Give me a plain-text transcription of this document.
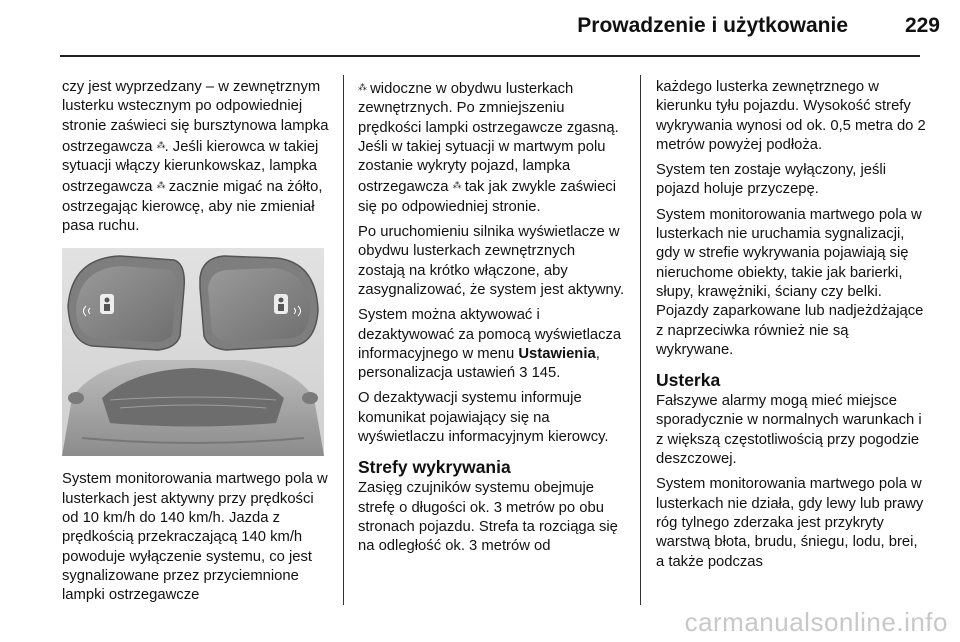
Prowadzenie i użytkowanie	229

czy jest wyprzedzany – w zewnętrznym lusterku wstecznym po odpowiedniej stronie zaświeci się bursztynowa lampka ostrzegawcza ⁂. Jeśli kierowca w takiej sytuacji włączy kierunkowskaz, lampka ostrzegawcza ⁂ zacznie migać na żółto, ostrzegając kierowcę, aby nie zmieniał pasa ruchu.

System monitorowania martwego pola w lusterkach jest aktywny przy prędkości od 10 km/h do 140 km/h. Jazda z prędkością przekraczającą 140 km/h powoduje wyłączenie systemu, co jest sygnalizowane przez przyciemnione lampki ostrzegawcze

⁂ widoczne w obydwu lusterkach zewnętrznych. Po zmniejszeniu prędkości lampki ostrzegawcze zgasną. Jeśli w takiej sytuacji w martwym polu zostanie wykryty pojazd, lampka ostrzegawcza ⁂ tak jak zwykle zaświeci się po odpowiedniej stronie.

Po uruchomieniu silnika wyświetlacze w obydwu lusterkach zewnętrznych zostają na krótko włączone, aby zasygnalizować, że system jest aktywny.

System można aktywować i dezaktywować za pomocą wyświetlacza informacyjnego w menu Ustawienia, personalizacja ustawień 3 145.

O dezaktywacji systemu informuje komunikat pojawiający się na wyświetlaczu informacyjnym kierowcy.

Strefy wykrywania

Zasięg czujników systemu obejmuje strefę o długości ok. 3 metrów po obu stronach pojazdu. Strefa ta rozciąga się na odległość ok. 3 metrów od

każdego lusterka zewnętrznego w kierunku tyłu pojazdu. Wysokość strefy wykrywania wynosi od ok. 0,5 metra do 2 metrów powyżej podłoża.

System ten zostaje wyłączony, jeśli pojazd holuje przyczepę.

System monitorowania martwego pola w lusterkach nie uruchamia sygnalizacji, gdy w strefie wykrywania pojawiają się nieruchome obiekty, takie jak barierki, słupy, krawężniki, ściany czy belki. Pojazdy zaparkowane lub nadjeżdżające z naprzeciwka również nie są wykrywane.

Usterka

Fałszywe alarmy mogą mieć miejsce sporadycznie w normalnych warunkach i z większą częstotliwością przy pogodzie deszczowej.

System monitorowania martwego pola w lusterkach nie działa, gdy lewy lub prawy róg tylnego zderzaka jest przykryty warstwą błota, brudu, śniegu, lodu, brei, a także podczas

carmanualsonline.info
